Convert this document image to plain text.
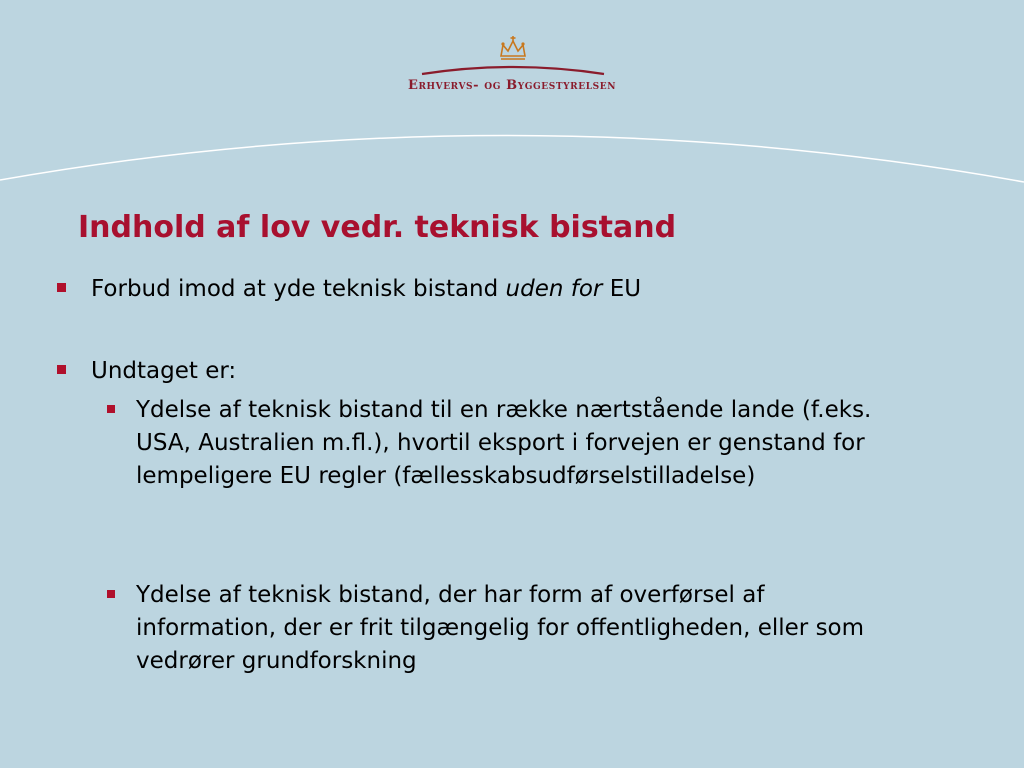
Erhvervs- og Byggestyrelsen
Indhold af lov vedr. teknisk bistand
Forbud imod at yde teknisk bistand uden for EU
Undtaget er:
Ydelse af teknisk bistand til en række nærtstående lande (f.eks. USA, Australien m.fl.), hvortil eksport i forvejen er genstand for lempeligere EU regler (fællesskabsudførselstilladelse)
Ydelse af teknisk bistand, der har form af overførsel af information, der er frit tilgængelig for offentligheden, eller som vedrører grundforskning
